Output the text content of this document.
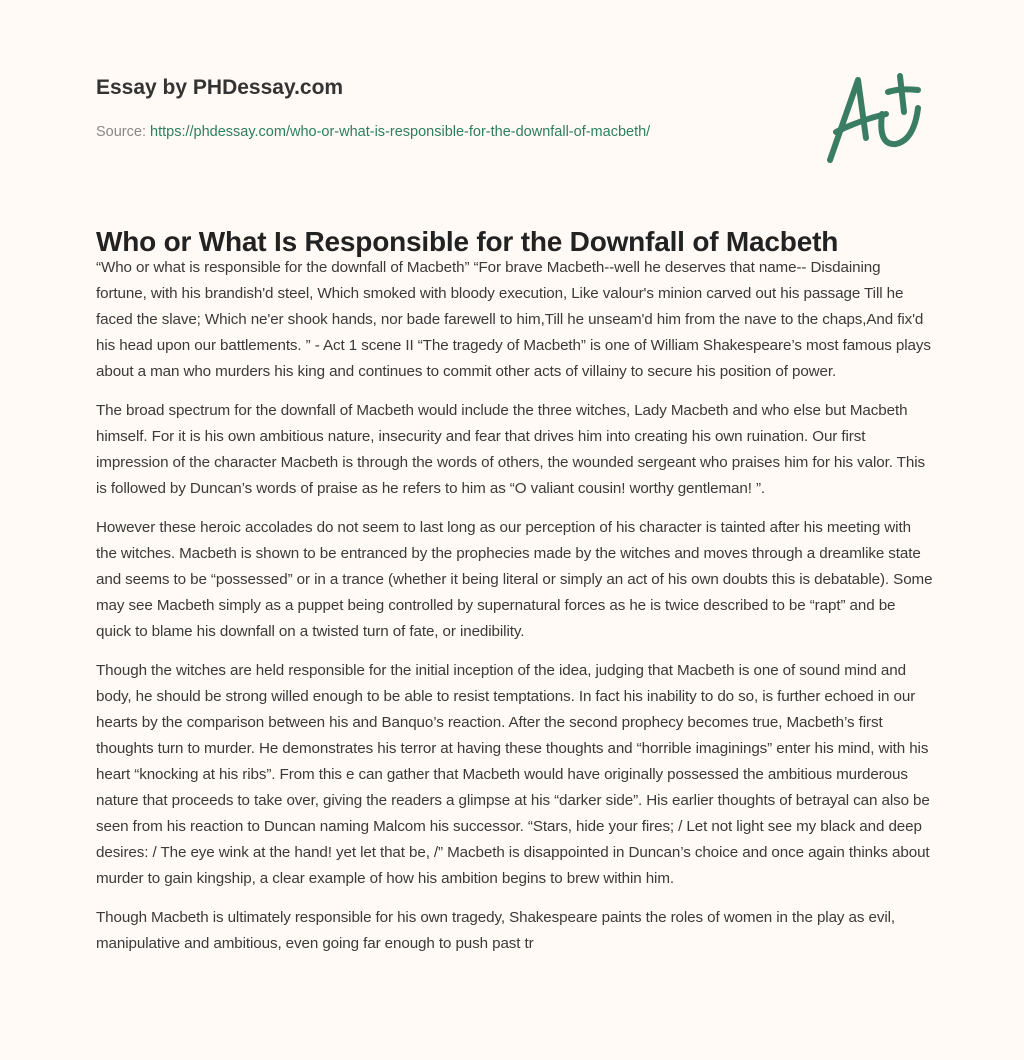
Essay by PHDessay.com
Source: https://phdessay.com/who-or-what-is-responsible-for-the-downfall-of-macbeth/
Who or What Is Responsible for the Downfall of Macbeth

“Who or what is responsible for the downfall of Macbeth” “For brave Macbeth--well he deserves that name-- Disdaining fortune, with his brandish'd steel, Which smoked with bloody execution, Like valour's minion carved out his passage Till he faced the slave; Which ne'er shook hands, nor bade farewell to him,Till he unseam'd him from the nave to the chaps,And fix'd his head upon our battlements. ” - Act 1 scene II “The tragedy of Macbeth” is one of William Shakespeare’s most famous plays about a man who murders his king and continues to commit other acts of villainy to secure his position of power.

The broad spectrum for the downfall of Macbeth would include the three witches, Lady Macbeth and who else but Macbeth himself. For it is his own ambitious nature, insecurity and fear that drives him into creating his own ruination. Our first impression of the character Macbeth is through the words of others, the wounded sergeant who praises him for his valor. This is followed by Duncan’s words of praise as he refers to him as “O valiant cousin! worthy gentleman! ”.

However these heroic accolades do not seem to last long as our perception of his character is tainted after his meeting with the witches. Macbeth is shown to be entranced by the prophecies made by the witches and moves through a dreamlike state and seems to be “possessed” or in a trance (whether it being literal or simply an act of his own doubts this is debatable). Some may see Macbeth simply as a puppet being controlled by supernatural forces as he is twice described to be “rapt” and be quick to blame his downfall on a twisted turn of fate, or inedibility.

Though the witches are held responsible for the initial inception of the idea, judging that Macbeth is one of sound mind and body, he should be strong willed enough to be able to resist temptations. In fact his inability to do so, is further echoed in our hearts by the comparison between his and Banquo’s reaction. After the second prophecy becomes true, Macbeth’s first thoughts turn to murder. He demonstrates his terror at having these thoughts and “horrible imaginings” enter his mind, with his heart “knocking at his ribs”. From this e can gather that Macbeth would have originally possessed the ambitious murderous nature that proceeds to take over, giving the readers a glimpse at his “darker side”. His earlier thoughts of betrayal can also be seen from his reaction to Duncan naming Malcom his successor. “Stars, hide your fires; / Let not light see my black and deep desires: / The eye wink at the hand! yet let that be, /” Macbeth is disappointed in Duncan’s choice and once again thinks about murder to gain kingship, a clear example of how his ambition begins to brew within him.

Though Macbeth is ultimately responsible for his own tragedy, Shakespeare paints the roles of women in the play as evil, manipulative and ambitious, even going far enough to push past tr
